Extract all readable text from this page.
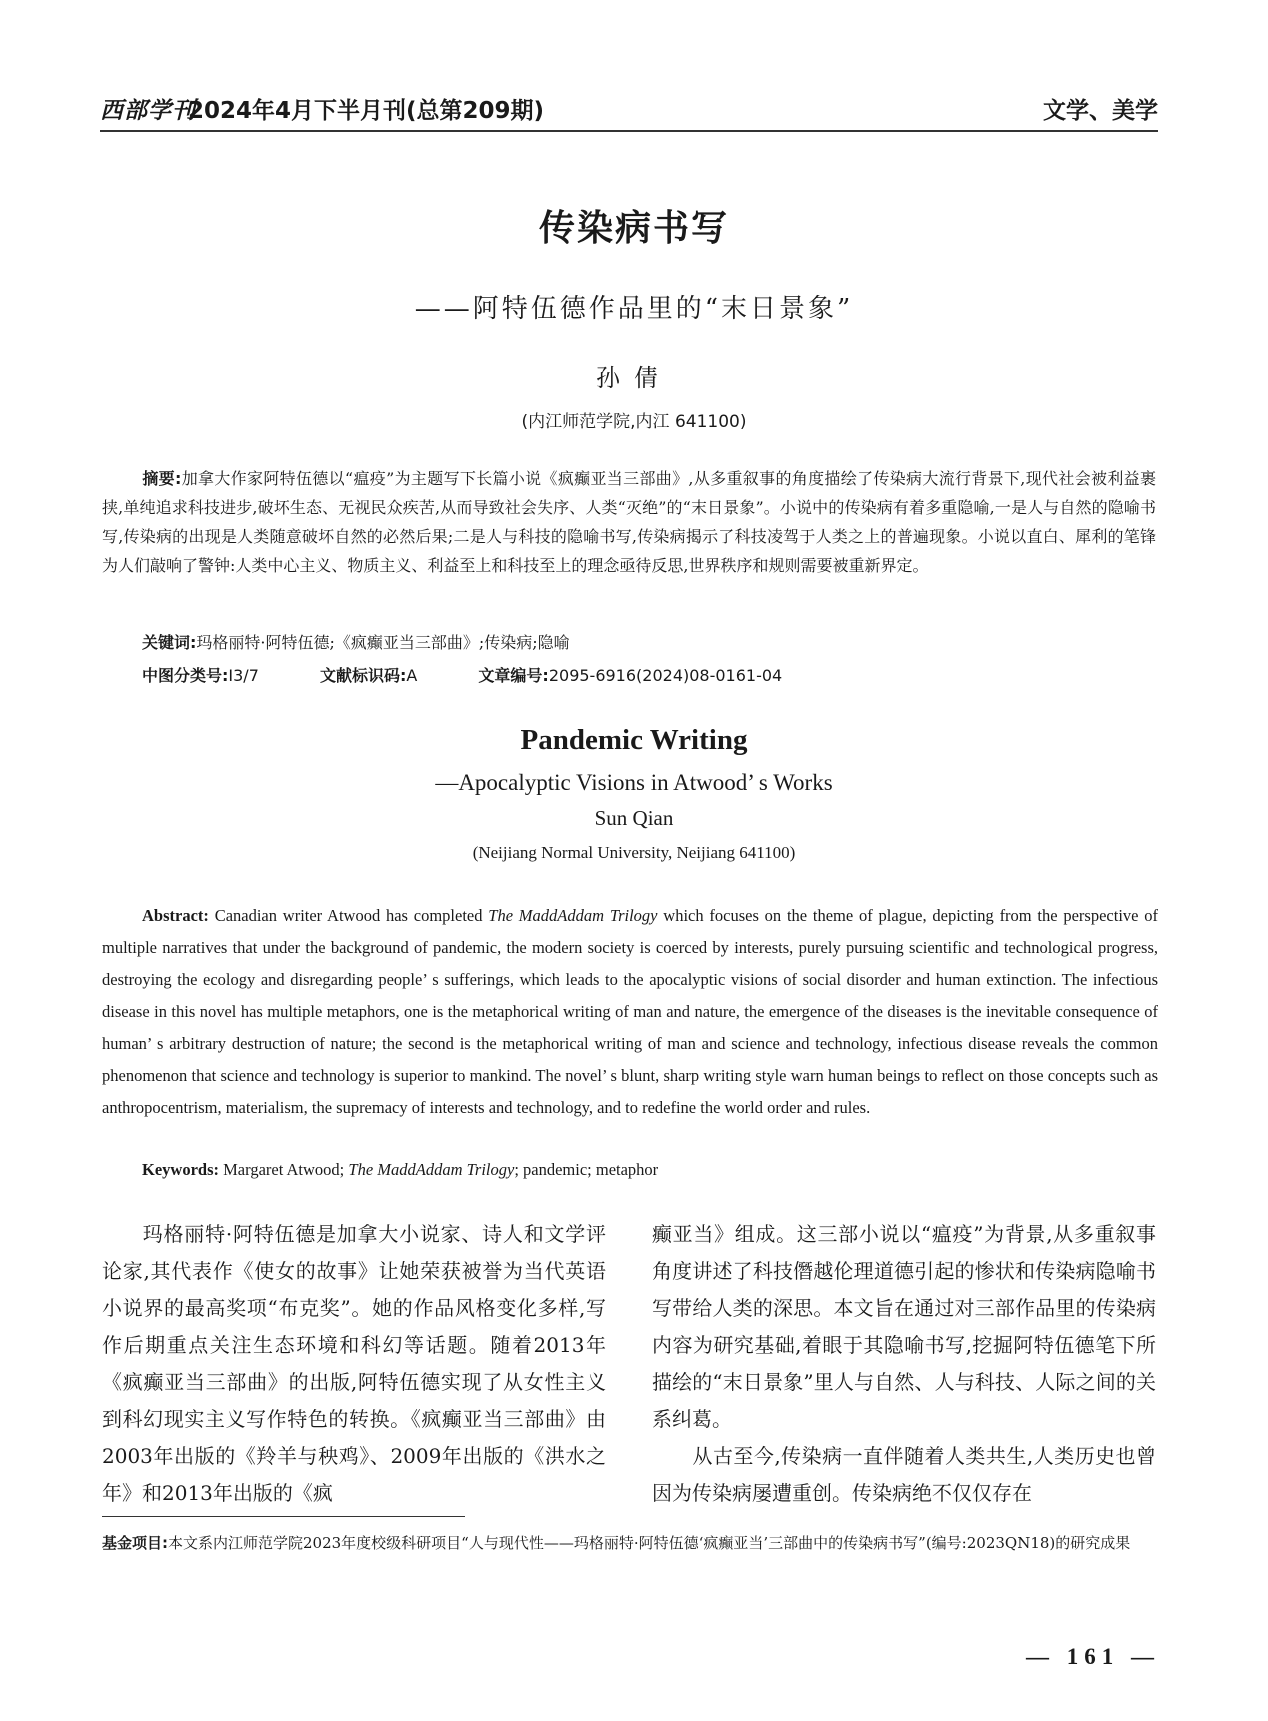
西部学刊
2024年4月下半月刊(总第209期)	文学、美学
传染病书写
——阿特伍德作品里的“末日景象”
孙倩
(内江师范学院,内江 641100)
摘要:加拿大作家阿特伍德以“瘟疫”为主题写下长篇小说《疯癫亚当三部曲》,从多重叙事的角度描绘了传染病大流行背景下,现代社会被利益裹挟,单纯追求科技进步,破坏生态、无视民众疾苦,从而导致社会失序、人类“灭绝”的“末日景象”。小说中的传染病有着多重隐喻,一是人与自然的隐喻书写,传染病的出现是人类随意破坏自然的必然后果;二是人与科技的隐喻书写,传染病揭示了科技凌驾于人类之上的普遍现象。小说以直白、犀利的笔锋为人们敲响了警钟:人类中心主义、物质主义、利益至上和科技至上的理念亟待反思,世界秩序和规则需要被重新界定。
关键词:玛格丽特·阿特伍德;《疯癫亚当三部曲》;传染病;隐喻
中图分类号:I3/7	文献标识码:A	文章编号:2095-6916(2024)08-0161-04
Pandemic Writing
—Apocalyptic Visions in Atwood’ s Works
Sun Qian
(Neijiang Normal University, Neijiang 641100)
Abstract: Canadian writer Atwood has completed The MaddAddam Trilogy which focuses on the theme of plague, depicting from the perspective of multiple narratives that under the background of pandemic, the modern society is coerced by interests, purely pursuing scientific and technological progress, destroying the ecology and disregarding people’ s sufferings, which leads to the apocalyptic visions of social disorder and human extinction. The infectious disease in this novel has multiple metaphors, one is the metaphorical writing of man and nature, the emergence of the diseases is the inevitable consequence of human’ s arbitrary destruction of nature; the second is the metaphorical writing of man and science and technology, infectious disease reveals the common phenomenon that science and technology is superior to mankind. The novel’ s blunt, sharp writing style warn human beings to reflect on those concepts such as anthropocentrism, materialism, the supremacy of interests and technology, and to redefine the world order and rules.
Keywords: Margaret Atwood; The MaddAddam Trilogy; pandemic; metaphor

玛格丽特·阿特伍德是加拿大小说家、诗人和文学评论家,其代表作《使女的故事》让她荣获被誉为当代英语小说界的最高奖项“布克奖”。她的作品风格变化多样,写作后期重点关注生态环境和科幻等话题。随着2013年《疯癫亚当三部曲》的出版,阿特伍德实现了从女性主义到科幻现实主义写作特色的转换。《疯癫亚当三部曲》由2003年出版的《羚羊与秧鸡》、2009年出版的《洪水之年》和2013年出版的《疯

癫亚当》组成。这三部小说以“瘟疫”为背景,从多重叙事角度讲述了科技僭越伦理道德引起的惨状和传染病隐喻书写带给人类的深思。本文旨在通过对三部作品里的传染病内容为研究基础,着眼于其隐喻书写,挖掘阿特伍德笔下所描绘的“末日景象”里人与自然、人与科技、人际之间的关系纠葛。

从古至今,传染病一直伴随着人类共生,人类历史也曾因为传染病屡遭重创。传染病绝不仅仅存在

基金项目:本文系内江师范学院2023年度校级科研项目“人与现代性——玛格丽特·阿特伍德‘疯癫亚当’三部曲中的传染病书写”(编号:2023QN18)的研究成果
— 161 —
